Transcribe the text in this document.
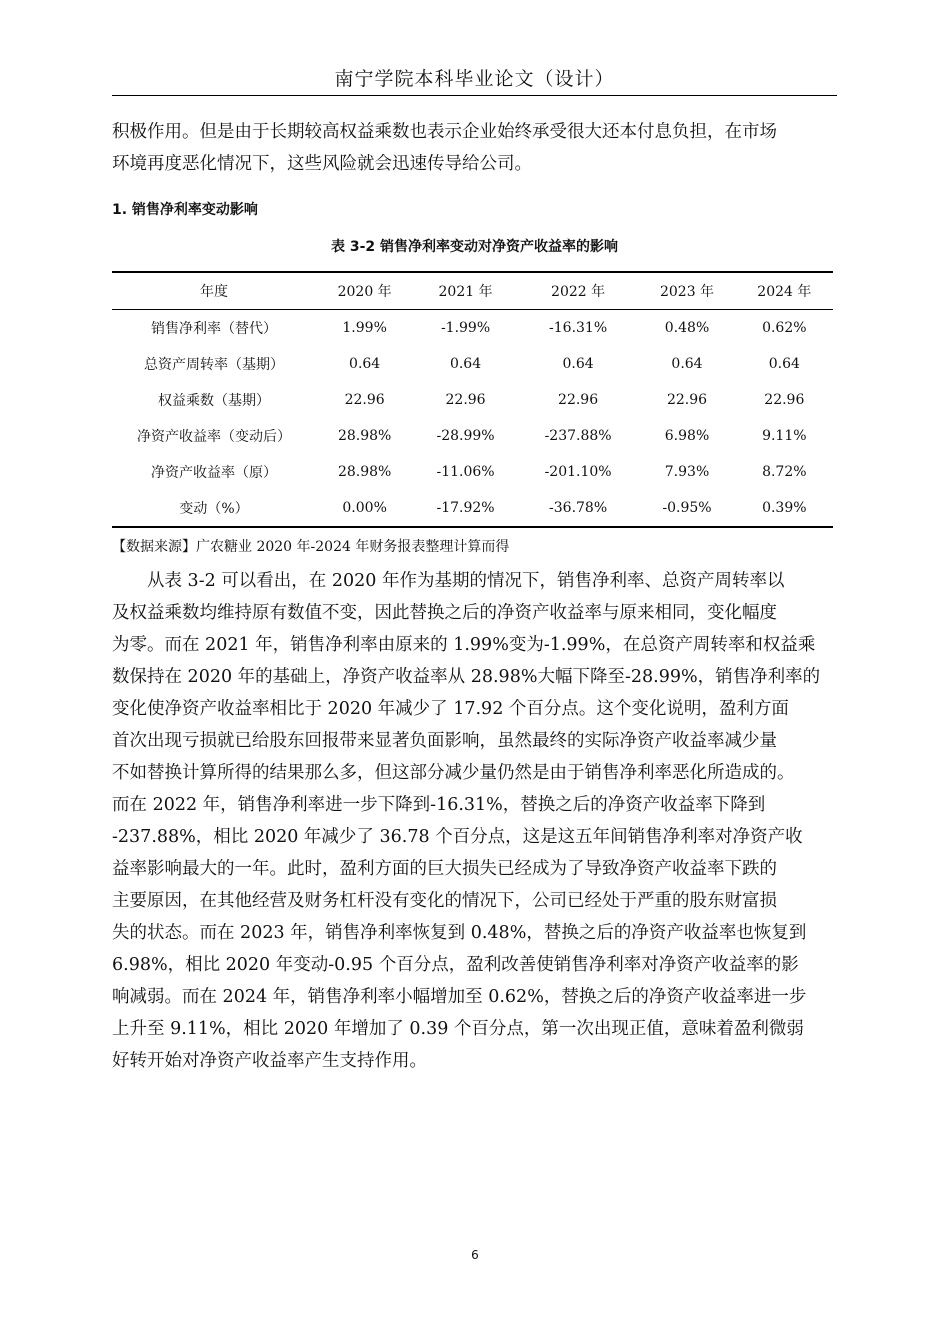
南宁学院本科毕业论文（设计）

积极作用。但是由于长期较高权益乘数也表示企业始终承受很大还本付息负担，在市场
环境再度恶化情况下，这些风险就会迅速传导给公司。

1. 销售净利率变动影响
表 3-2 销售净利率变动对净资产收益率的影响
年度	2020 年	2021 年	2022 年	2023 年	2024 年
销售净利率（替代）	1.99%	-1.99%	-16.31%	0.48%	0.62%
总资产周转率（基期）	0.64	0.64	0.64	0.64	0.64
权益乘数（基期）	22.96	22.96	22.96	22.96	22.96
净资产收益率（变动后）	28.98%	-28.99%	-237.88%	6.98%	9.11%
净资产收益率（原）	28.98%	-11.06%	-201.10%	7.93%	8.72%
变动（%）	0.00%	-17.92%	-36.78%	-0.95%	0.39%
【数据来源】广农糖业 2020 年-2024 年财务报表整理计算而得

　　从表 3-2 可以看出，在 2020 年作为基期的情况下，销售净利率、总资产周转率以
及权益乘数均维持原有数值不变，因此替换之后的净资产收益率与原来相同，变化幅度
为零。而在 2021 年，销售净利率由原来的 1.99%变为-1.99%，在总资产周转率和权益乘
数保持在 2020 年的基础上，净资产收益率从 28.98%大幅下降至-28.99%，销售净利率的
变化使净资产收益率相比于 2020 年减少了 17.92 个百分点。这个变化说明，盈利方面
首次出现亏损就已给股东回报带来显著负面影响，虽然最终的实际净资产收益率减少量
不如替换计算所得的结果那么多，但这部分减少量仍然是由于销售净利率恶化所造成的。
而在 2022 年，销售净利率进一步下降到-16.31%，替换之后的净资产收益率下降到
-237.88%，相比 2020 年减少了 36.78 个百分点，这是这五年间销售净利率对净资产收
益率影响最大的一年。此时，盈利方面的巨大损失已经成为了导致净资产收益率下跌的
主要原因，在其他经营及财务杠杆没有变化的情况下，公司已经处于严重的股东财富损
失的状态。而在 2023 年，销售净利率恢复到 0.48%，替换之后的净资产收益率也恢复到
6.98%，相比 2020 年变动-0.95 个百分点，盈利改善使销售净利率对净资产收益率的影
响减弱。而在 2024 年，销售净利率小幅增加至 0.62%，替换之后的净资产收益率进一步
上升至 9.11%，相比 2020 年增加了 0.39 个百分点，第一次出现正值，意味着盈利微弱
好转开始对净资产收益率产生支持作用。

6
